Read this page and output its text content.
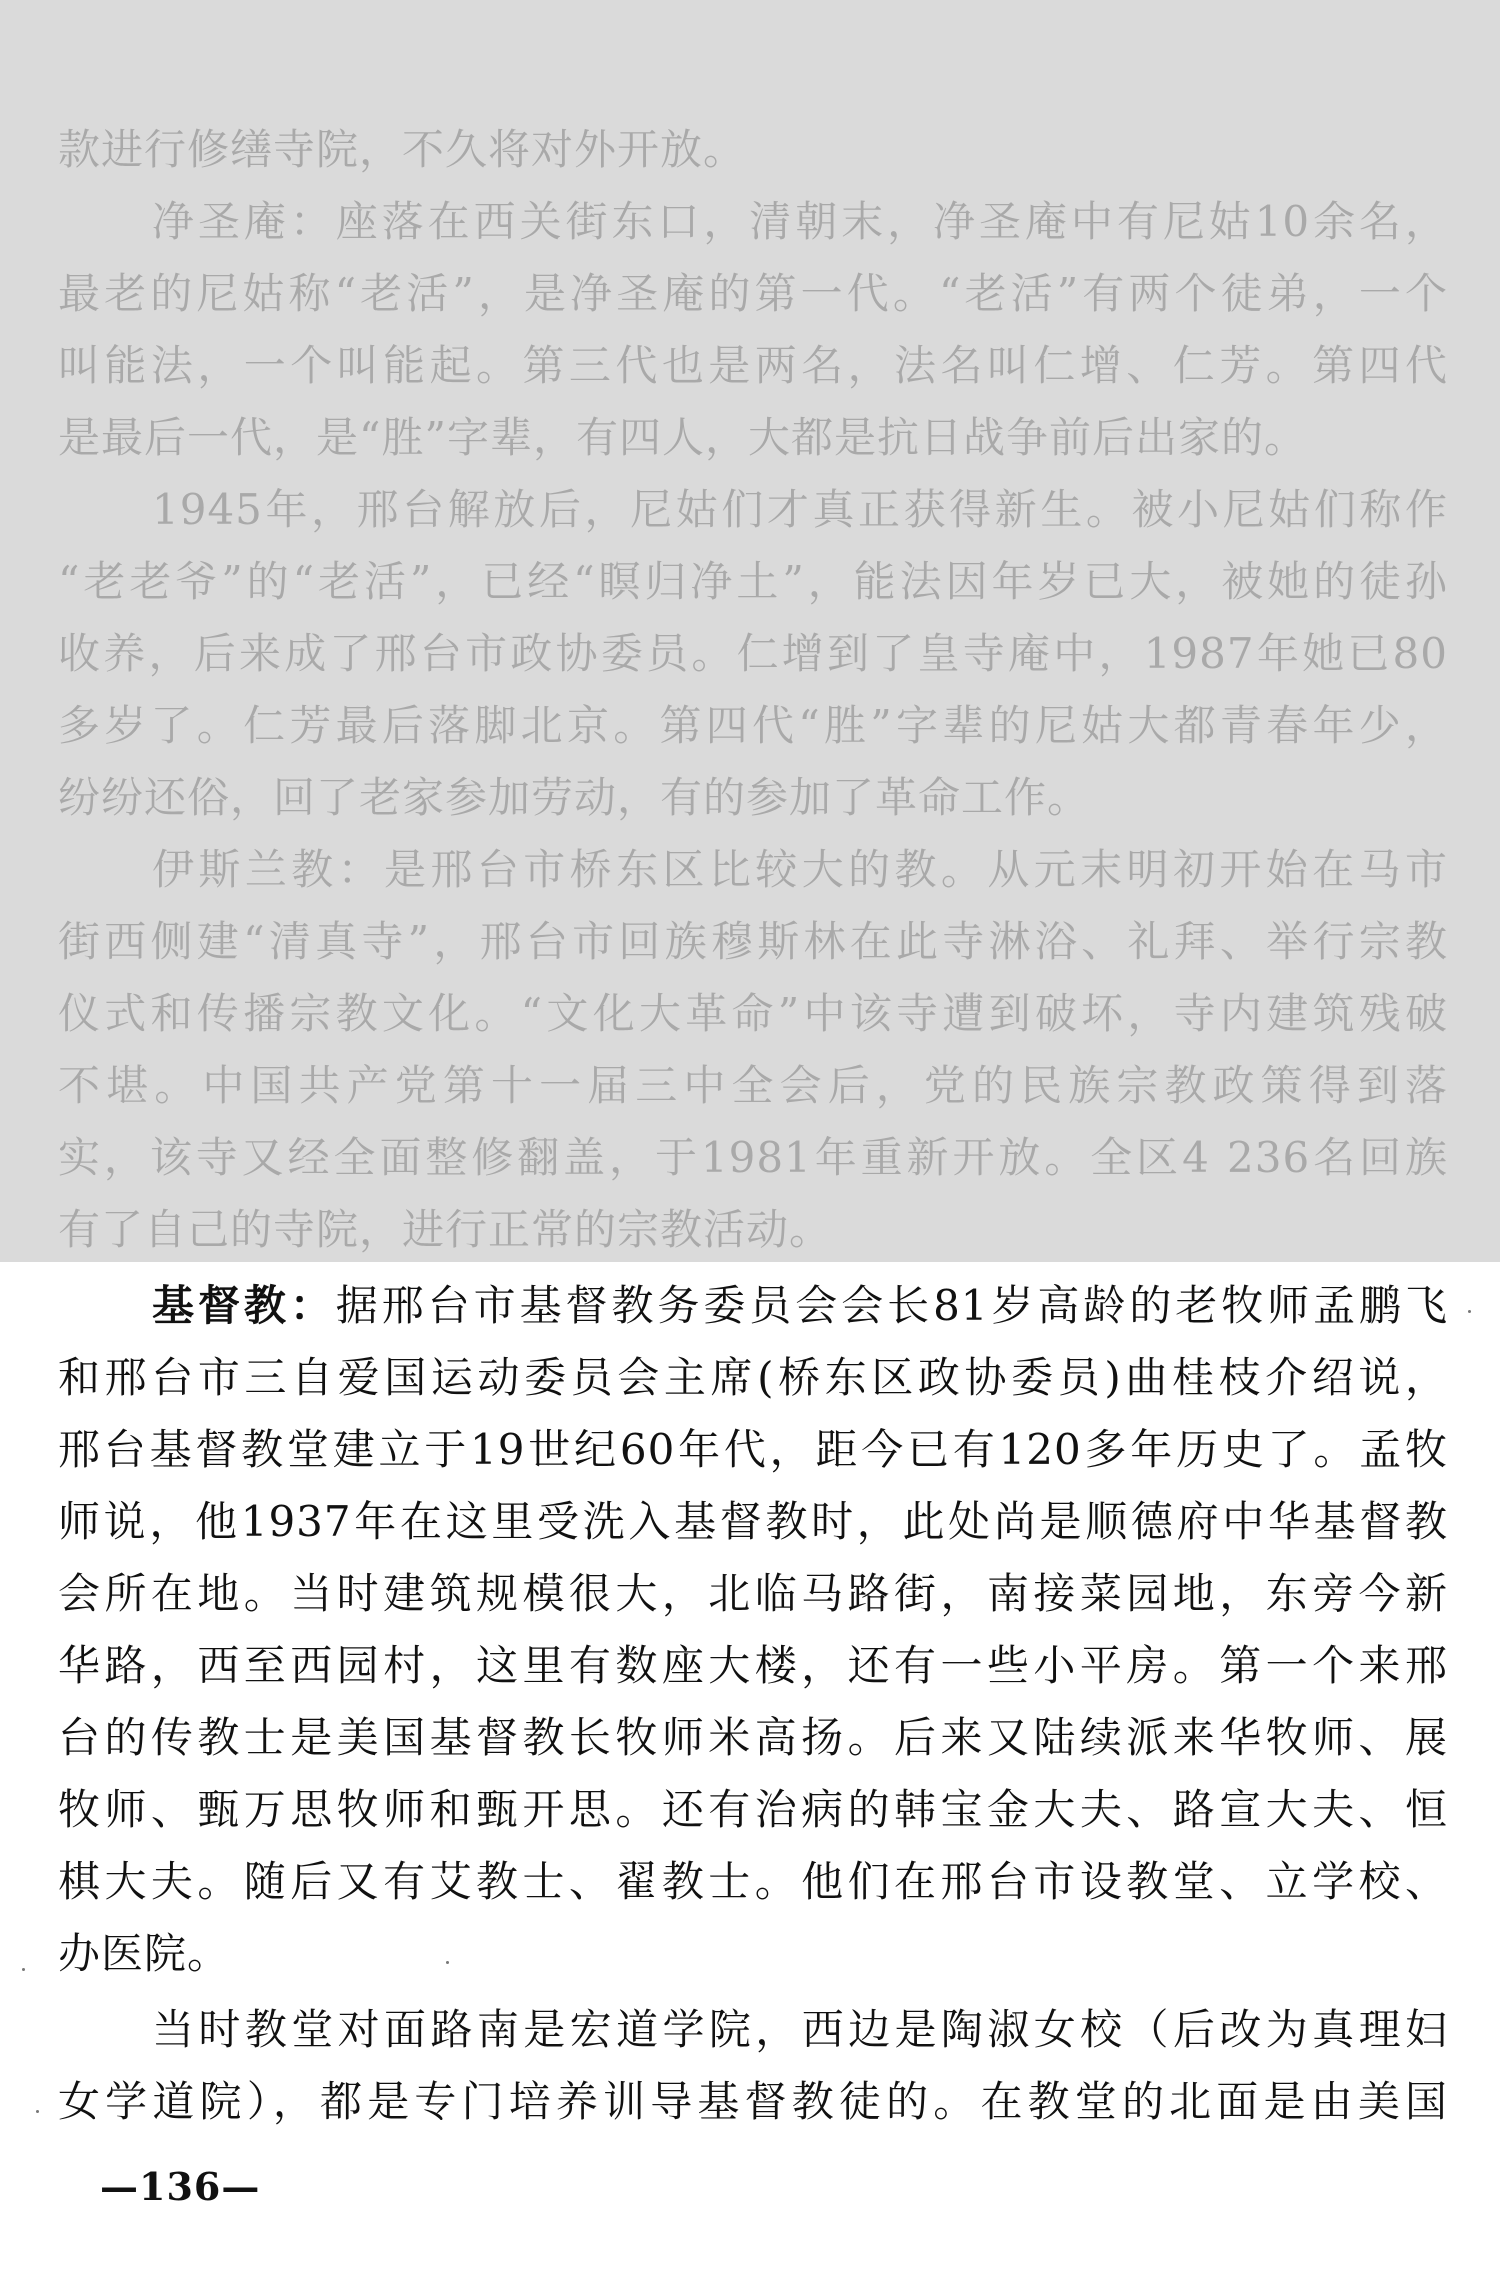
款进行修缮寺院，不久将对外开放。
净圣庵：座落在西关街东口，清朝末，净圣庵中有尼姑10余名，
最老的尼姑称“老活”，是净圣庵的第一代。“老活”有两个徒弟，一个
叫能法，一个叫能起。第三代也是两名，法名叫仁增、仁芳。第四代
是最后一代，是“胜”字辈，有四人，大都是抗日战争前后出家的。
1945年，邢台解放后，尼姑们才真正获得新生。被小尼姑们称作
“老老爷”的“老活”，已经“瞑归净土”，能法因年岁已大，被她的徒孙
收养，后来成了邢台市政协委员。仁增到了皇寺庵中，1987年她已80
多岁了。仁芳最后落脚北京。第四代“胜”字辈的尼姑大都青春年少，
纷纷还俗，回了老家参加劳动，有的参加了革命工作。
伊斯兰教：是邢台市桥东区比较大的教。从元末明初开始在马市
街西侧建“清真寺”，邢台市回族穆斯林在此寺淋浴、礼拜、举行宗教
仪式和传播宗教文化。“文化大革命”中该寺遭到破坏，寺内建筑残破
不堪。中国共产党第十一届三中全会后，党的民族宗教政策得到落
实，该寺又经全面整修翻盖，于1981年重新开放。全区4 236名回族
有了自己的寺院，进行正常的宗教活动。
基督教：据邢台市基督教务委员会会长81岁高龄的老牧师孟鹏飞
和邢台市三自爱国运动委员会主席(桥东区政协委员)曲桂枝介绍说，
邢台基督教堂建立于19世纪60年代，距今已有120多年历史了。孟牧
师说，他1937年在这里受洗入基督教时，此处尚是顺德府中华基督教
会所在地。当时建筑规模很大，北临马路街，南接菜园地，东旁今新
华路，西至西园村，这里有数座大楼，还有一些小平房。第一个来邢
台的传教士是美国基督教长牧师米高扬。后来又陆续派来华牧师、展
牧师、甄万思牧师和甄开思。还有治病的韩宝金大夫、路宣大夫、恒
棋大夫。随后又有艾教士、翟教士。他们在邢台市设教堂、立学校、
办医院。
当时教堂对面路南是宏道学院，西边是陶淑女校（后改为真理妇
女学道院），都是专门培养训导基督教徒的。在教堂的北面是由美国
—136—
